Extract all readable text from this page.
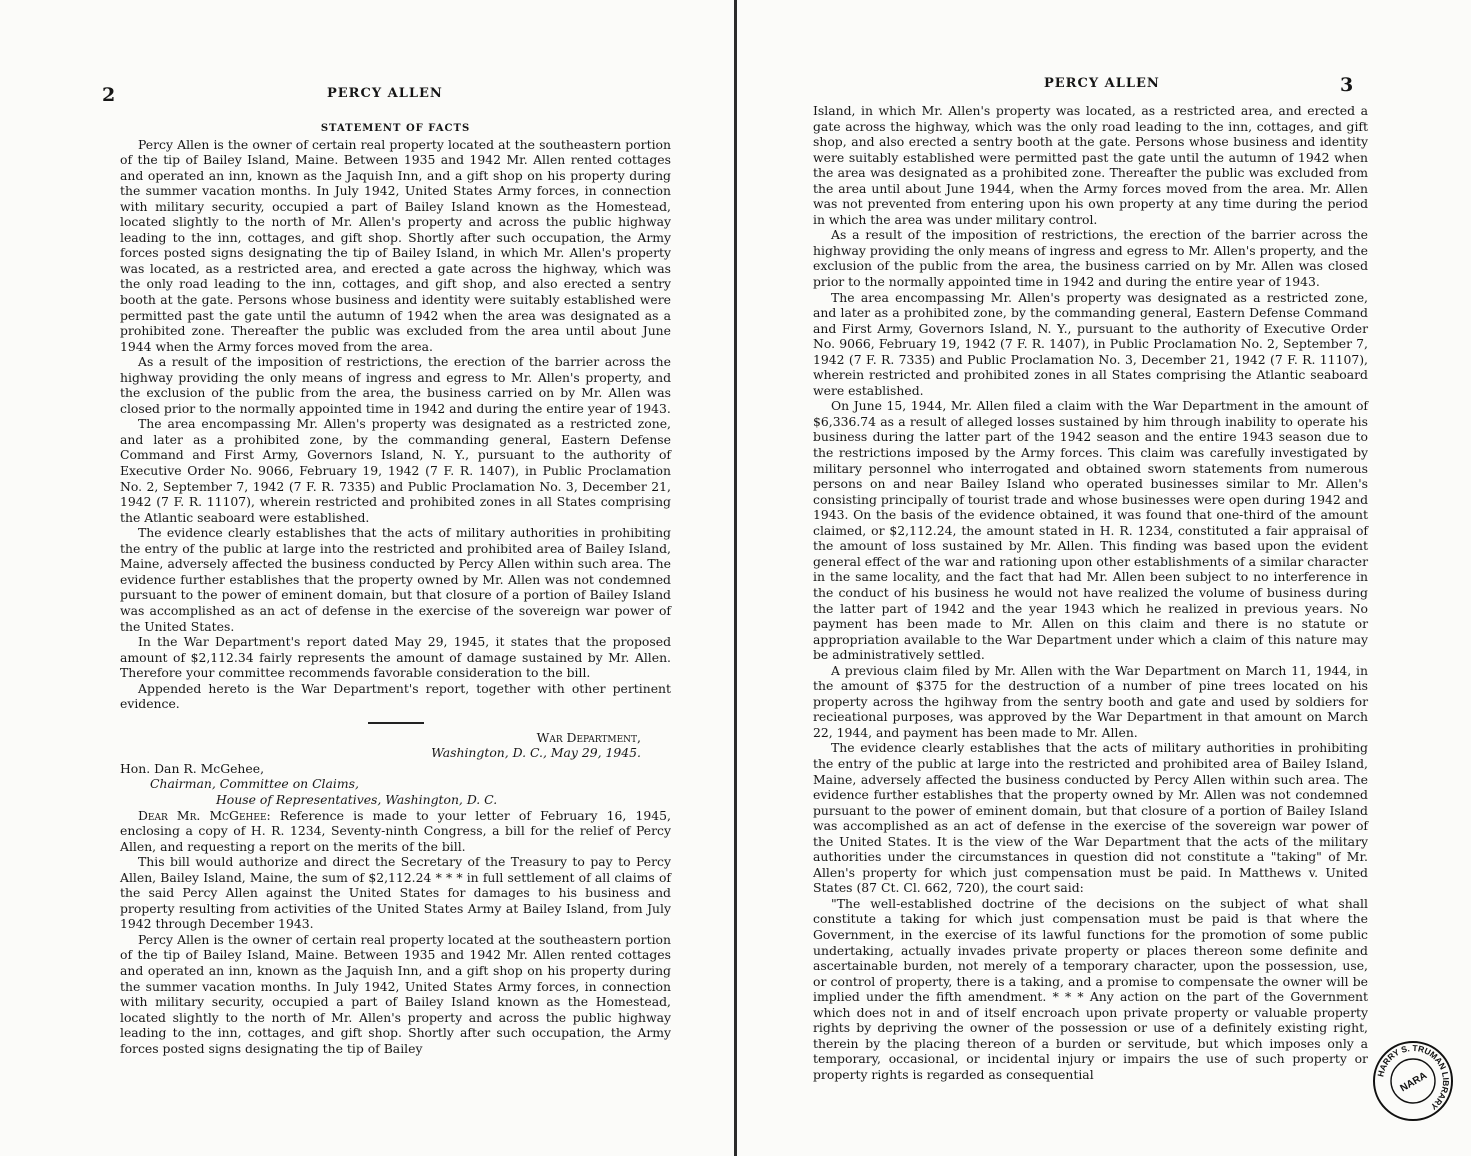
2	PERCY ALLEN

STATEMENT OF FACTS

Percy Allen is the owner of certain real property located at the southeastern portion of the tip of Bailey Island, Maine. Between 1935 and 1942 Mr. Allen rented cottages and operated an inn, known as the Jaquish Inn, and a gift shop on his property during the summer vacation months. In July 1942, United States Army forces, in connection with military security, occupied a part of Bailey Island known as the Homestead, located slightly to the north of Mr. Allen's property and across the public highway leading to the inn, cottages, and gift shop. Shortly after such occupation, the Army forces posted signs designating the tip of Bailey Island, in which Mr. Allen's property was located, as a restricted area, and erected a gate across the highway, which was the only road leading to the inn, cottages, and gift shop, and also erected a sentry booth at the gate. Persons whose business and identity were suitably established were permitted past the gate until the autumn of 1942 when the area was designated as a prohibited zone. Thereafter the public was excluded from the area until about June 1944 when the Army forces moved from the area.

As a result of the imposition of restrictions, the erection of the barrier across the highway providing the only means of ingress and egress to Mr. Allen's property, and the exclusion of the public from the area, the business carried on by Mr. Allen was closed prior to the normally appointed time in 1942 and during the entire year of 1943.

The area encompassing Mr. Allen's property was designated as a restricted zone, and later as a prohibited zone, by the commanding general, Eastern Defense Command and First Army, Governors Island, N. Y., pursuant to the authority of Executive Order No. 9066, February 19, 1942 (7 F. R. 1407), in Public Proclamation No. 2, September 7, 1942 (7 F. R. 7335) and Public Proclamation No. 3, December 21, 1942 (7 F. R. 11107), wherein restricted and prohibited zones in all States comprising the Atlantic seaboard were established.

The evidence clearly establishes that the acts of military authorities in prohibiting the entry of the public at large into the restricted and prohibited area of Bailey Island, Maine, adversely affected the business conducted by Percy Allen within such area. The evidence further establishes that the property owned by Mr. Allen was not condemned pursuant to the power of eminent domain, but that closure of a portion of Bailey Island was accomplished as an act of defense in the exercise of the sovereign war power of the United States.

In the War Department's report dated May 29, 1945, it states that the proposed amount of $2,112.34 fairly represents the amount of damage sustained by Mr. Allen. Therefore your committee recommends favorable consideration to the bill.

Appended hereto is the War Department's report, together with other pertinent evidence.

War Department,

Washington, D. C., May 29, 1945.

Hon. Dan R. McGehee,

Chairman, Committee on Claims,

House of Representatives, Washington, D. C.

Dear Mr. McGehee: Reference is made to your letter of February 16, 1945, enclosing a copy of H. R. 1234, Seventy-ninth Congress, a bill for the relief of Percy Allen, and requesting a report on the merits of the bill.

This bill would authorize and direct the Secretary of the Treasury to pay to Percy Allen, Bailey Island, Maine, the sum of $2,112.24 * * * in full settlement of all claims of the said Percy Allen against the United States for damages to his business and property resulting from activities of the United States Army at Bailey Island, from July 1942 through December 1943.

Percy Allen is the owner of certain real property located at the southeastern portion of the tip of Bailey Island, Maine. Between 1935 and 1942 Mr. Allen rented cottages and operated an inn, known as the Jaquish Inn, and a gift shop on his property during the summer vacation months. In July 1942, United States Army forces, in connection with military security, occupied a part of Bailey Island known as the Homestead, located slightly to the north of Mr. Allen's property and across the public highway leading to the inn, cottages, and gift shop. Shortly after such occupation, the Army forces posted signs designating the tip of Bailey

PERCY ALLEN	3

Island, in which Mr. Allen's property was located, as a restricted area, and erected a gate across the highway, which was the only road leading to the inn, cottages, and gift shop, and also erected a sentry booth at the gate. Persons whose business and identity were suitably established were permitted past the gate until the autumn of 1942 when the area was designated as a prohibited zone. Thereafter the public was excluded from the area until about June 1944, when the Army forces moved from the area. Mr. Allen was not prevented from entering upon his own property at any time during the period in which the area was under military control.

As a result of the imposition of restrictions, the erection of the barrier across the highway providing the only means of ingress and egress to Mr. Allen's property, and the exclusion of the public from the area, the business carried on by Mr. Allen was closed prior to the normally appointed time in 1942 and during the entire year of 1943.

The area encompassing Mr. Allen's property was designated as a restricted zone, and later as a prohibited zone, by the commanding general, Eastern Defense Command and First Army, Governors Island, N. Y., pursuant to the authority of Executive Order No. 9066, February 19, 1942 (7 F. R. 1407), in Public Proclamation No. 2, September 7, 1942 (7 F. R. 7335) and Public Proclamation No. 3, December 21, 1942 (7 F. R. 11107), wherein restricted and prohibited zones in all States comprising the Atlantic seaboard were established.

On June 15, 1944, Mr. Allen filed a claim with the War Department in the amount of $6,336.74 as a result of alleged losses sustained by him through inability to operate his business during the latter part of the 1942 season and the entire 1943 season due to the restrictions imposed by the Army forces. This claim was carefully investigated by military personnel who interrogated and obtained sworn statements from numerous persons on and near Bailey Island who operated businesses similar to Mr. Allen's consisting principally of tourist trade and whose businesses were open during 1942 and 1943. On the basis of the evidence obtained, it was found that one-third of the amount claimed, or $2,112.24, the amount stated in H. R. 1234, constituted a fair appraisal of the amount of loss sustained by Mr. Allen. This finding was based upon the evident general effect of the war and rationing upon other establishments of a similar character in the same locality, and the fact that had Mr. Allen been subject to no interference in the conduct of his business he would not have realized the volume of business during the latter part of 1942 and the year 1943 which he realized in previous years. No payment has been made to Mr. Allen on this claim and there is no statute or appropriation available to the War Department under which a claim of this nature may be administratively settled.

A previous claim filed by Mr. Allen with the War Department on March 11, 1944, in the amount of $375 for the destruction of a number of pine trees located on his property across the hgihway from the sentry booth and gate and used by soldiers for recieational purposes, was approved by the War Department in that amount on March 22, 1944, and payment has been made to Mr. Allen.

The evidence clearly establishes that the acts of military authorities in prohibiting the entry of the public at large into the restricted and prohibited area of Bailey Island, Maine, adversely affected the business conducted by Percy Allen within such area. The evidence further establishes that the property owned by Mr. Allen was not condemned pursuant to the power of eminent domain, but that closure of a portion of Bailey Island was accomplished as an act of defense in the exercise of the sovereign war power of the United States. It is the view of the War Department that the acts of the military authorities under the circumstances in question did not constitute a "taking" of Mr. Allen's property for which just compensation must be paid. In Matthews v. United States (87 Ct. Cl. 662, 720), the court said:

"The well-established doctrine of the decisions on the subject of what shall constitute a taking for which just compensation must be paid is that where the Government, in the exercise of its lawful functions for the promotion of some public undertaking, actually invades private property or places thereon some definite and ascertainable burden, not merely of a temporary character, upon the possession, use, or control of property, there is a taking, and a promise to compensate the owner will be implied under the fifth amendment. * * * Any action on the part of the Government which does not in and of itself encroach upon private property or valuable property rights by depriving the owner of the possession or use of a definitely existing right, therein by the placing thereon of a burden or servitude, but which imposes only a temporary, occasional, or incidental injury or impairs the use of such property or property rights is regarded as consequential	HARRY S. TRUMAN LIBRARY
NARA
